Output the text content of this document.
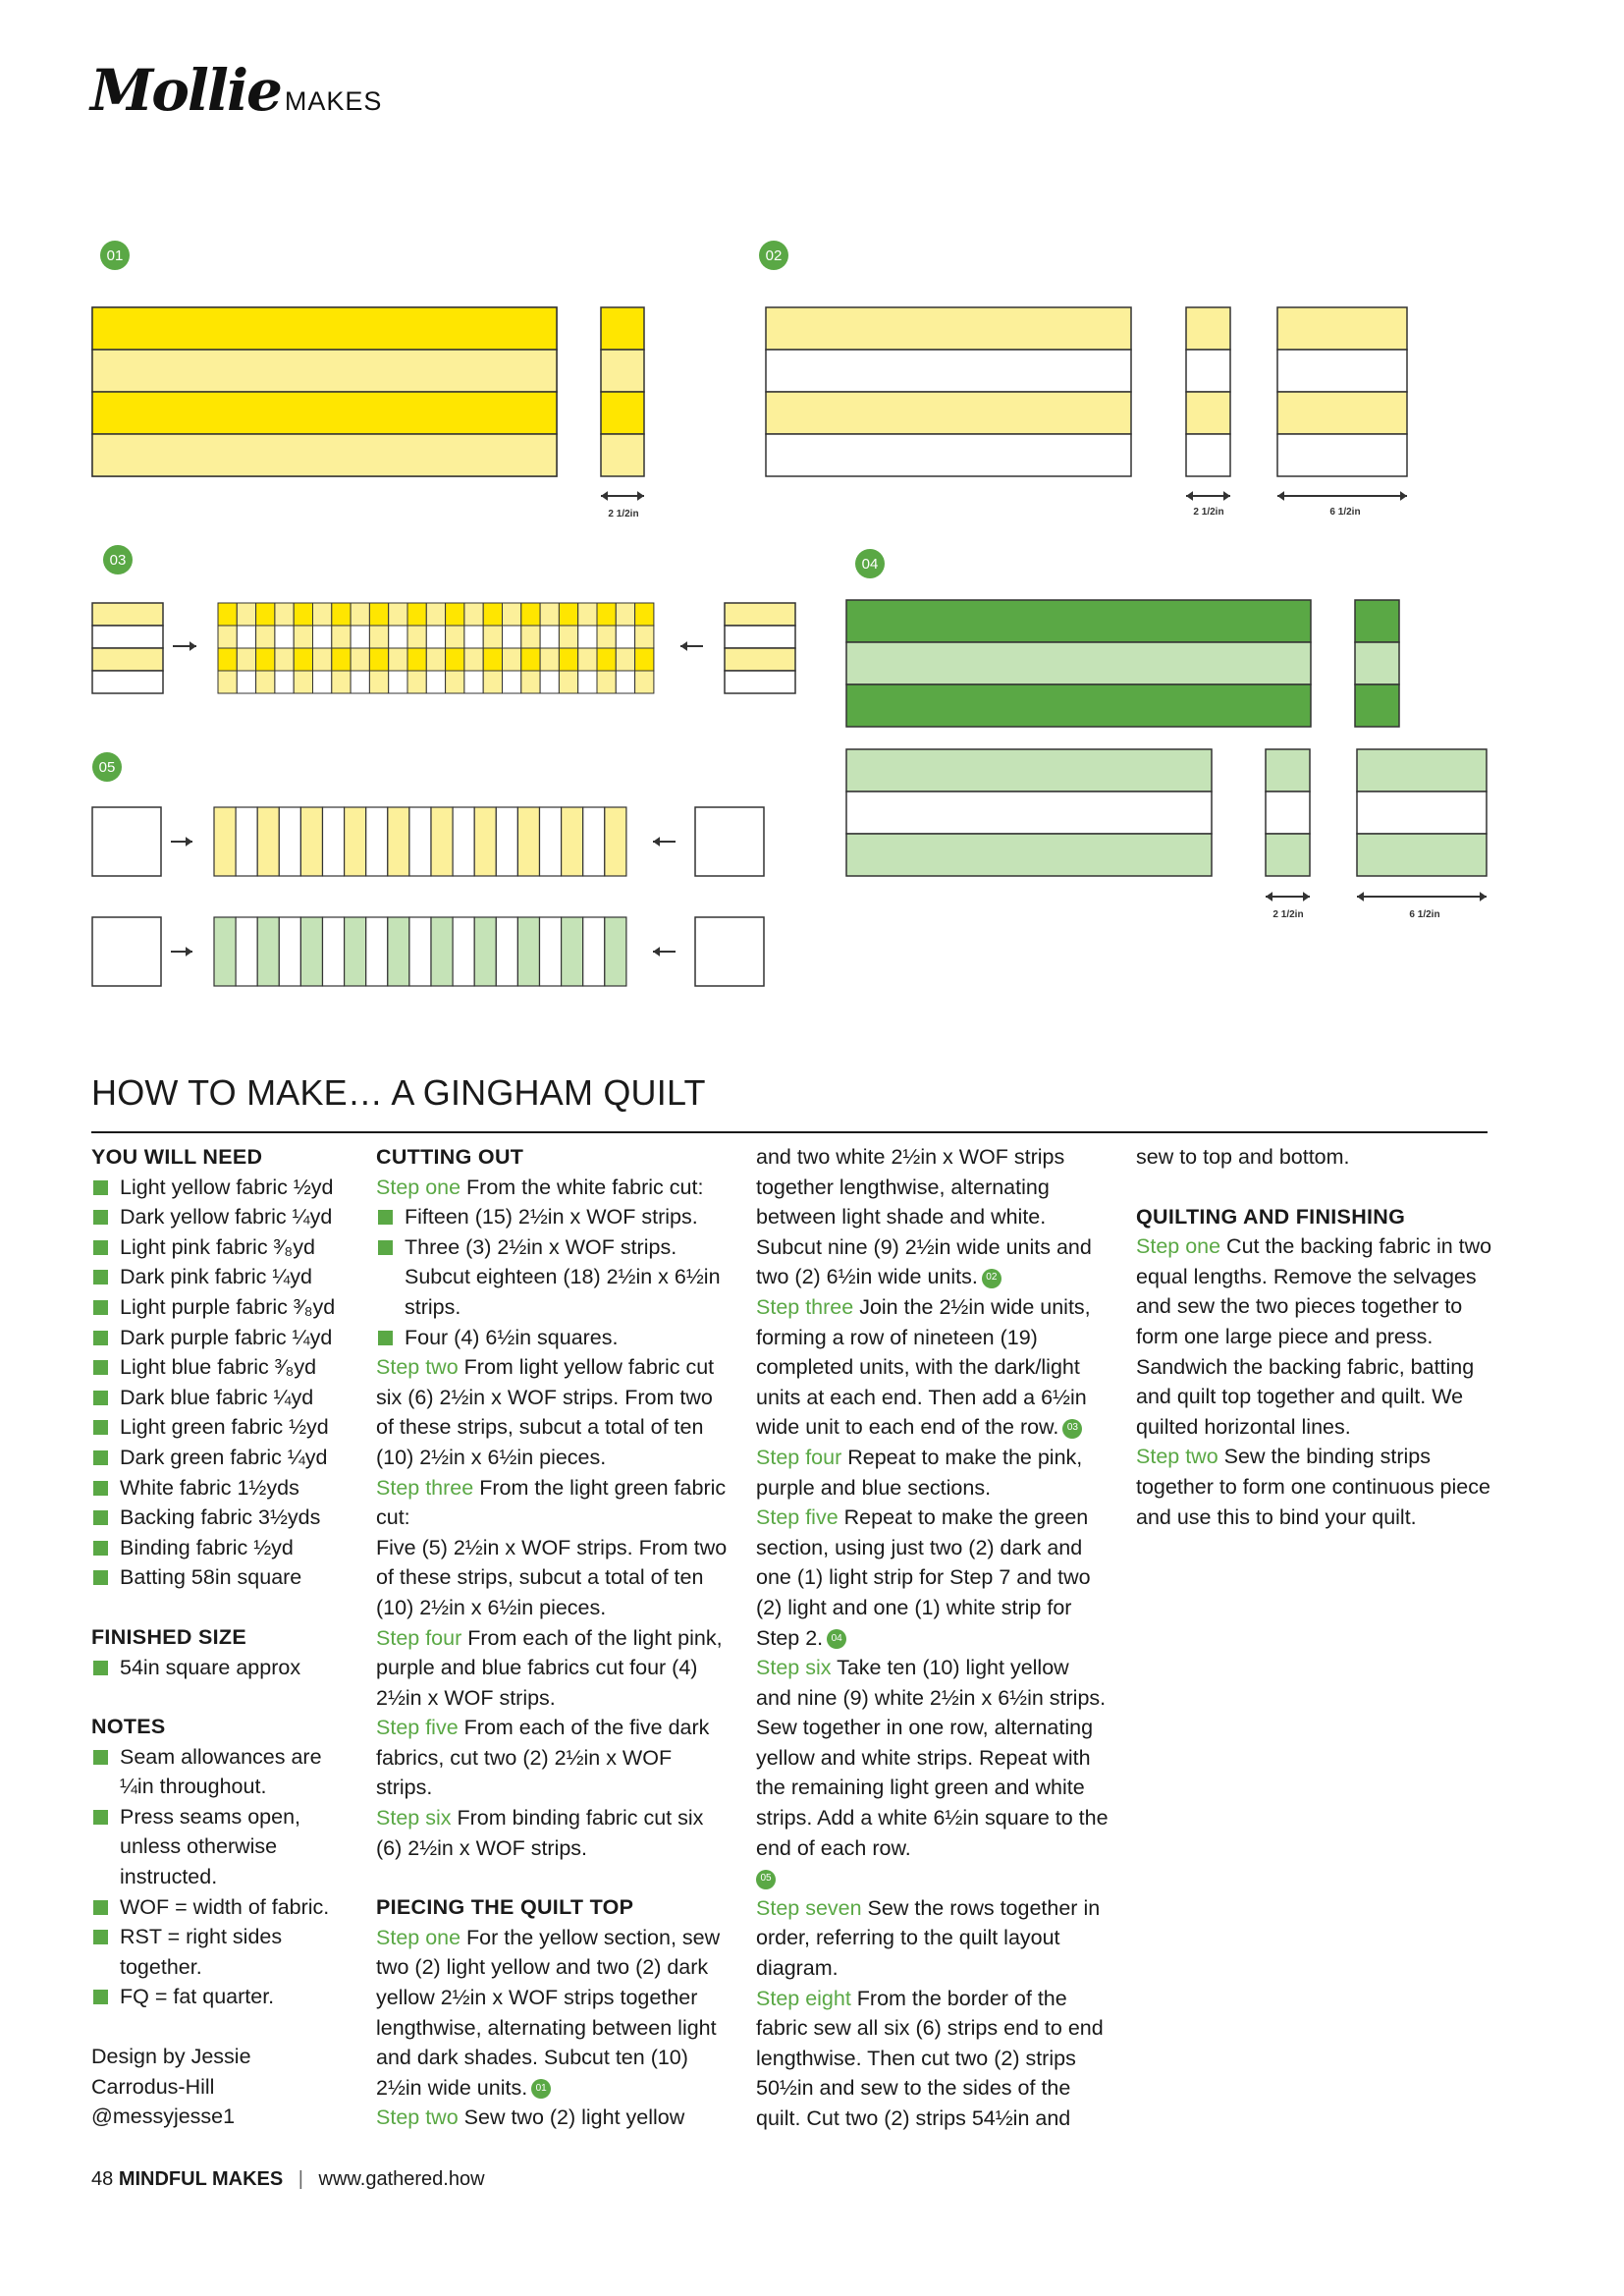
Mollie MAKES
01	02
03	04
05
2 1/2in	2 1/2in	6 1/2in
2 1/2in	6 1/2in
HOW TO MAKE… A GINGHAM QUILT

YOU WILL NEED

Light yellow fabric ½yd
Dark yellow fabric ¼yd
Light pink fabric ³⁄₈yd
Dark pink fabric ¼yd
Light purple fabric ³⁄₈yd
Dark purple fabric ¼yd
Light blue fabric ³⁄₈yd
Dark blue fabric ¼yd
Light green fabric ½yd
Dark green fabric ¼yd
White fabric 1½yds
Backing fabric 3½yds
Binding fabric ½yd
Batting 58in square

FINISHED SIZE

54in square approx

NOTES

Seam allowances are ¼in throughout.
Press seams open, unless otherwise instructed.
WOF = width of fabric.
RST = right sides together.
FQ = fat quarter.

Design by Jessie

Carrodus-Hill

@messyjesse1

CUTTING OUT

Step one From the white fabric cut:

Fifteen (15) 2½in x WOF strips.
Three (3) 2½in x WOF strips. Subcut eighteen (18) 2½in x 6½in strips.
Four (4) 6½in squares.

Step two From light yellow fabric cut six (6) 2½in x WOF strips. From two of these strips, subcut a total of ten (10) 2½in x 6½in pieces.

Step three From the light green fabric cut:

Five (5) 2½in x WOF strips. From two of these strips, subcut a total of ten (10) 2½in x 6½in pieces.

Step four From each of the light pink, purple and blue fabrics cut four (4) 2½in x WOF strips.

Step five From each of the five dark fabrics, cut two (2) 2½in x WOF strips.

Step six From binding fabric cut six (6) 2½in x WOF strips.

PIECING THE QUILT TOP

Step one For the yellow section, sew two (2) light yellow and two (2) dark yellow 2½in x WOF strips together lengthwise, alternating between light and dark shades. Subcut ten (10) 2½in wide units. 01

Step two Sew two (2) light yellow

and two white 2½in x WOF strips together lengthwise, alternating between light shade and white. Subcut nine (9) 2½in wide units and two (2) 6½in wide units. 02

Step three Join the 2½in wide units, forming a row of nineteen (19) completed units, with the dark/light units at each end. Then add a 6½in wide unit to each end of the row. 03

Step four Repeat to make the pink, purple and blue sections.

Step five Repeat to make the green section, using just two (2) dark and one (1) light strip for Step 7 and two (2) light and one (1) white strip for Step 2. 04

Step six Take ten (10) light yellow and nine (9) white 2½in x 6½in strips. Sew together in one row, alternating yellow and white strips. Repeat with the remaining light green and white strips. Add a white 6½in square to the end of each row.
05

Step seven Sew the rows together in order, referring to the quilt layout diagram.

Step eight From the border of the fabric sew all six (6) strips end to end lengthwise. Then cut two (2) strips 50½in and sew to the sides of the quilt. Cut two (2) strips 54½in and

sew to top and bottom.

QUILTING AND FINISHING

Step one Cut the backing fabric in two equal lengths. Remove the selvages and sew the two pieces together to form one large piece and press. Sandwich the backing fabric, batting and quilt top together and quilt. We quilted horizontal lines.

Step two Sew the binding strips together to form one continuous piece and use this to bind your quilt.

48 MINDFUL MAKES | www.gathered.how
